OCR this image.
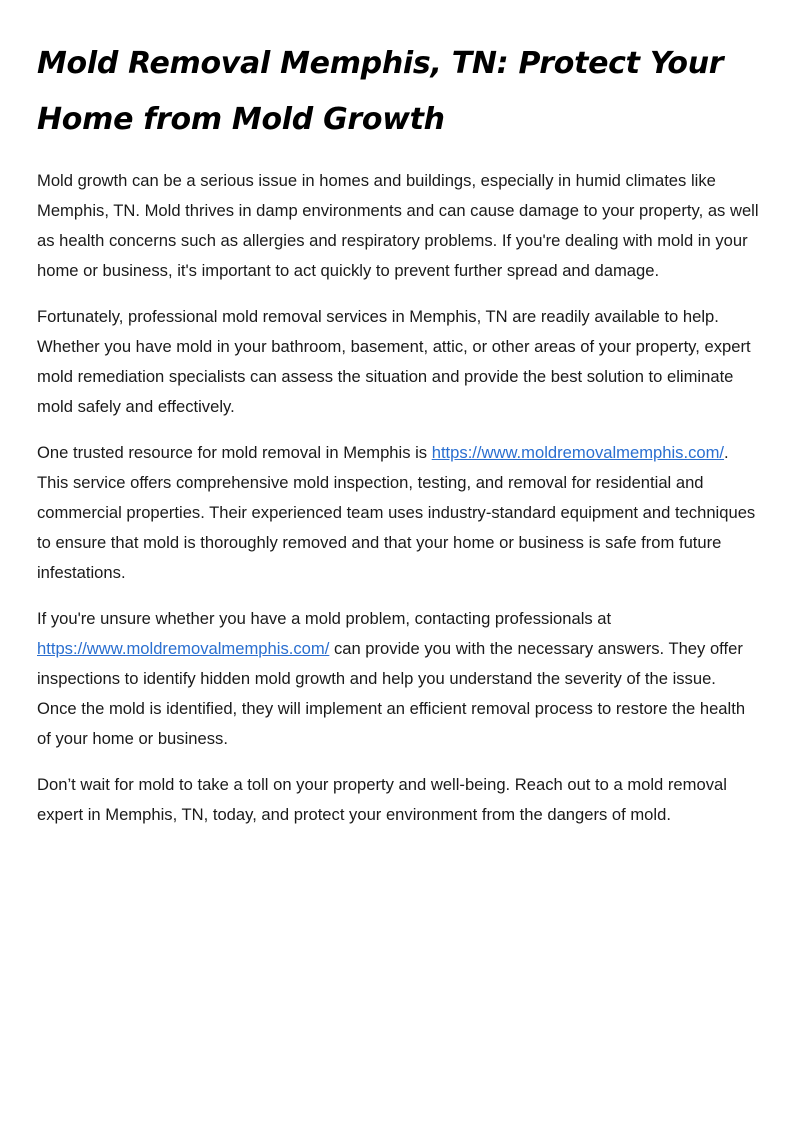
Mold Removal Memphis, TN: Protect Your Home from Mold Growth

Mold growth can be a serious issue in homes and buildings, especially in humid climates like Memphis, TN. Mold thrives in damp environments and can cause damage to your property, as well as health concerns such as allergies and respiratory problems. If you're dealing with mold in your home or business, it's important to act quickly to prevent further spread and damage.

Fortunately, professional mold removal services in Memphis, TN are readily available to help. Whether you have mold in your bathroom, basement, attic, or other areas of your property, expert mold remediation specialists can assess the situation and provide the best solution to eliminate mold safely and effectively.

One trusted resource for mold removal in Memphis is https://www.moldremovalmemphis.com/. This service offers comprehensive mold inspection, testing, and removal for residential and commercial properties. Their experienced team uses industry-standard equipment and techniques to ensure that mold is thoroughly removed and that your home or business is safe from future infestations.

If you're unsure whether you have a mold problem, contacting professionals at https://www.moldremovalmemphis.com/ can provide you with the necessary answers. They offer inspections to identify hidden mold growth and help you understand the severity of the issue. Once the mold is identified, they will implement an efficient removal process to restore the health of your home or business.

Don’t wait for mold to take a toll on your property and well-being. Reach out to a mold removal expert in Memphis, TN, today, and protect your environment from the dangers of mold.
